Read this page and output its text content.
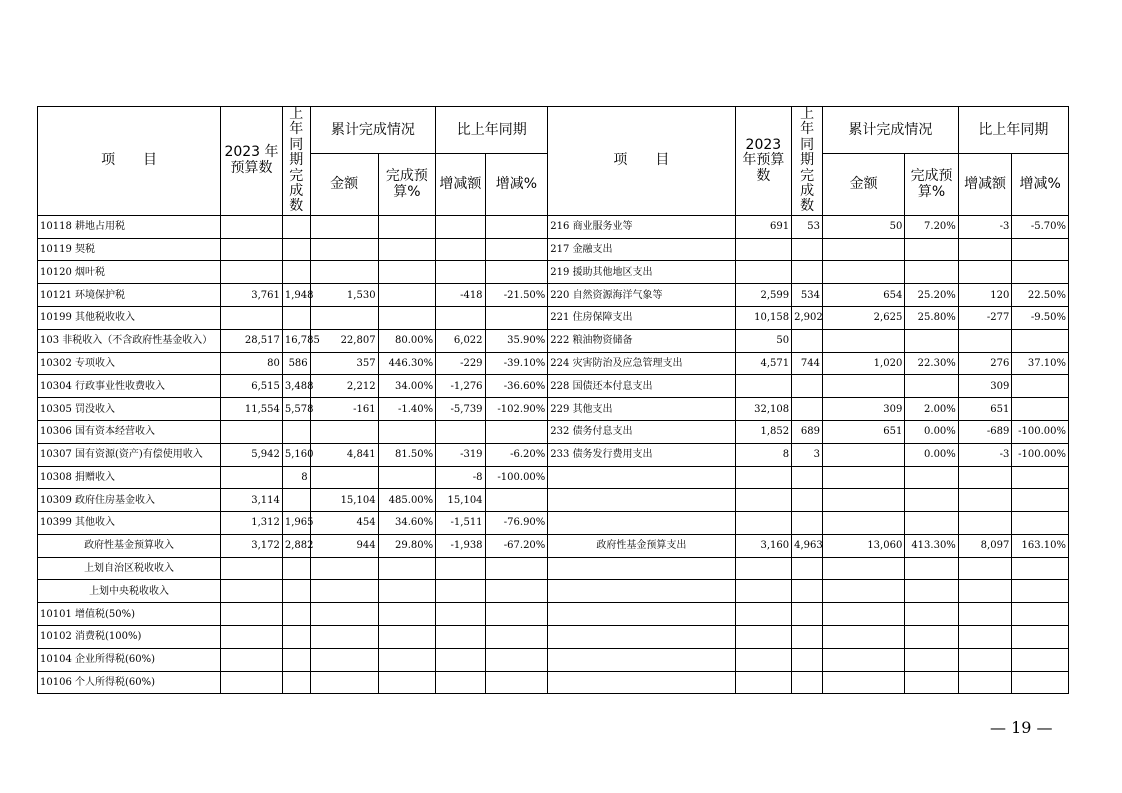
项　　目	2023 年预算数	上年同期完成数	累计完成情况		比上年同期		项　　目	2023 年预算数	上年同期完成数	累计完成情况		比上年同期	
			金额	完成预算%	增减额	增减%				金额	完成预算%	增减额	增减%
10118 耕地占用税							216 商业服务业等	691	53	50	7.20%	-3	-5.70%
10119 契税							217 金融支出						
10120 烟叶税							219 援助其他地区支出						
10121 环境保护税	3,761	1,948	1,530		-418	-21.50%	220 自然资源海洋气象等	2,599	534	654	25.20%	120	22.50%
10199 其他税收收入							221 住房保障支出	10,158	2,902	2,625	25.80%	-277	-9.50%
103 非税收入（不含政府性基金收入）	28,517	16,785	22,807	80.00%	6,022	35.90%	222 粮油物资储备	50					
10302 专项收入	80	586	357	446.30%	-229	-39.10%	224 灾害防治及应急管理支出	4,571	744	1,020	22.30%	276	37.10%
10304 行政事业性收费收入	6,515	3,488	2,212	34.00%	-1,276	-36.60%	228 国债还本付息支出					309	
10305 罚没收入	11,554	5,578	-161	-1.40%	-5,739	-102.90%	229 其他支出	32,108		309	2.00%	651	
10306 国有资本经营收入							232 债务付息支出	1,852	689	651	0.00%	-689	-100.00%
10307 国有资源(资产)有偿使用收入	5,942	5,160	4,841	81.50%	-319	-6.20%	233 债务发行费用支出	8	3		0.00%	-3	-100.00%
10308 捐赠收入		8			-8	-100.00%							
10309 政府住房基金收入	3,114		15,104	485.00%	15,104								
10399 其他收入	1,312	1,965	454	34.60%	-1,511	-76.90%							
政府性基金预算收入	3,172	2,882	944	29.80%	-1,938	-67.20%	政府性基金预算支出	3,160	4,963	13,060	413.30%	8,097	163.10%
上划自治区税收收入													
上划中央税收收入													
10101 增值税(50%)													
10102 消费税(100%)													
10104 企业所得税(60%)													
10106 个人所得税(60%)													
— 19 —
